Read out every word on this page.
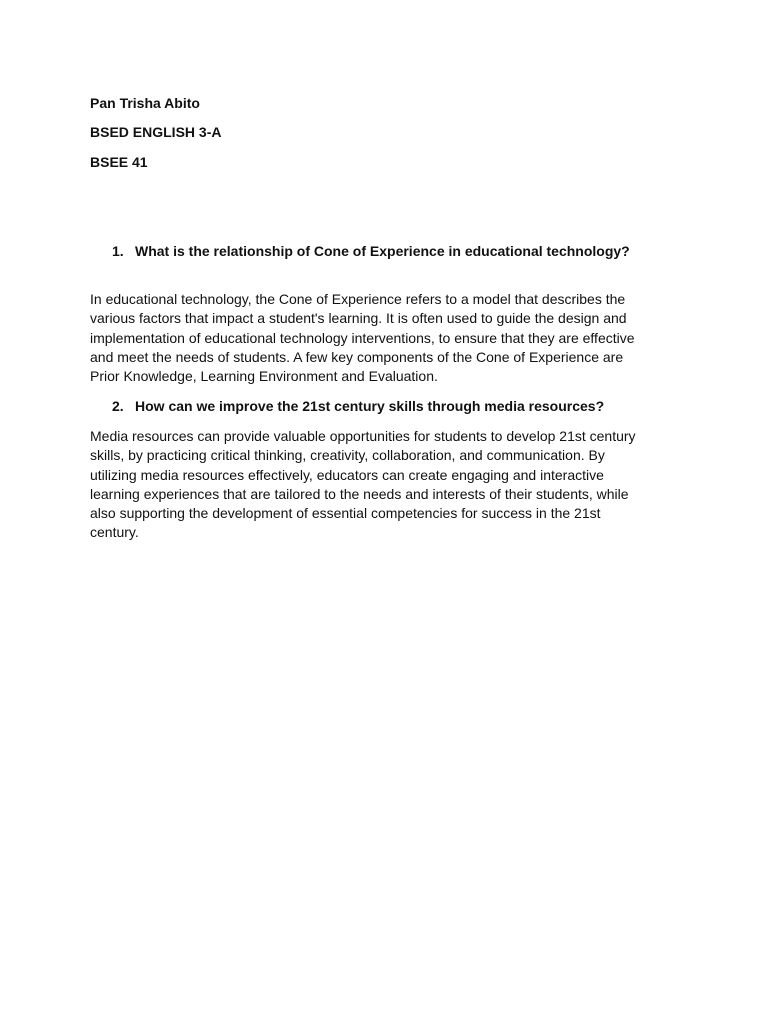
Pan Trisha Abito
BSED ENGLISH 3-A
BSEE 41
1. What is the relationship of Cone of Experience in educational technology?
In educational technology, the Cone of Experience refers to a model that describes the
various factors that impact a student's learning. It is often used to guide the design and
implementation of educational technology interventions, to ensure that they are effective
and meet the needs of students. A few key components of the Cone of Experience are
Prior Knowledge, Learning Environment and Evaluation.
2. How can we improve the 21st century skills through media resources?
Media resources can provide valuable opportunities for students to develop 21st century
skills, by practicing critical thinking, creativity, collaboration, and communication. By
utilizing media resources effectively, educators can create engaging and interactive
learning experiences that are tailored to the needs and interests of their students, while
also supporting the development of essential competencies for success in the 21st
century.
